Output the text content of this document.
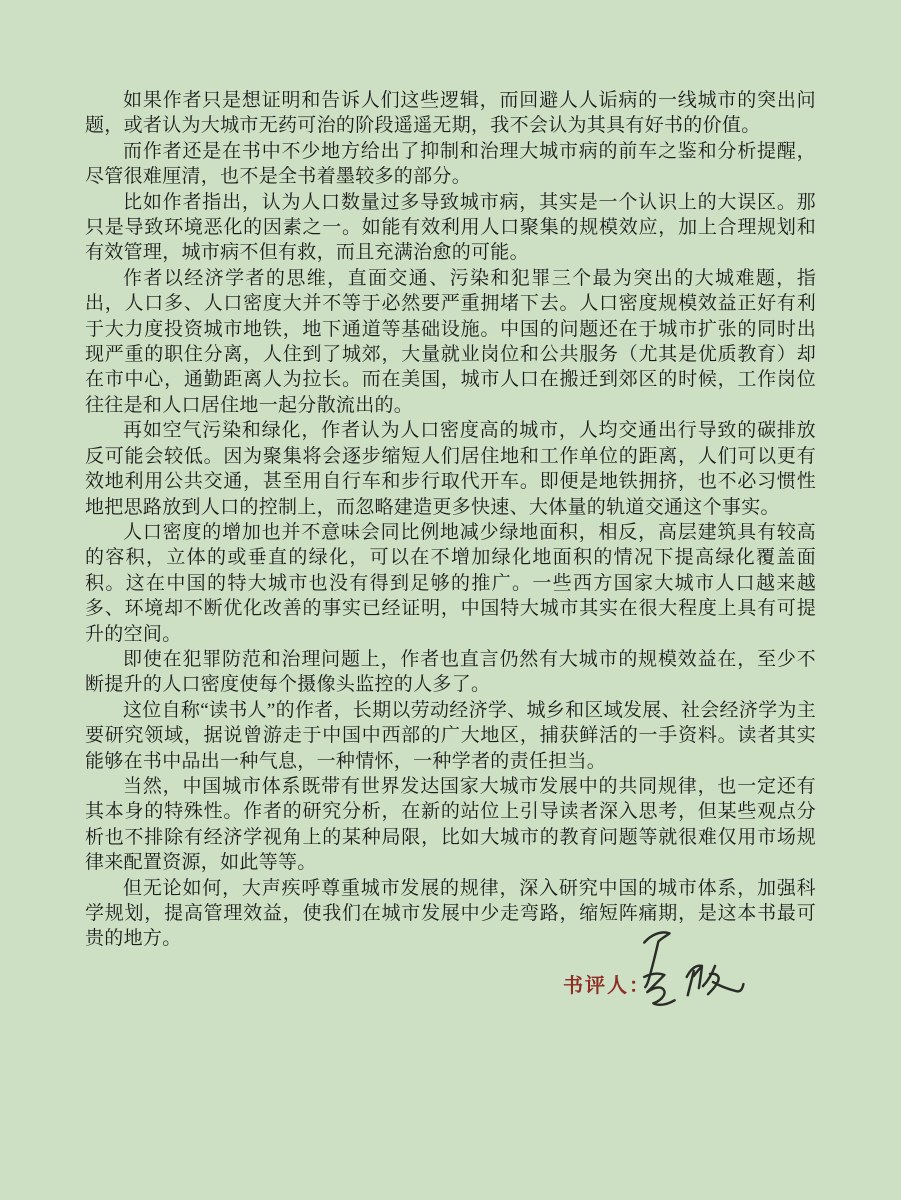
如果作者只是想证明和告诉人们这些逻辑，而回避人人诟病的一线城市的突出问题，或者认为大城市无药可治的阶段遥遥无期，我不会认为其具有好书的价值。

而作者还是在书中不少地方给出了抑制和治理大城市病的前车之鉴和分析提醒，尽管很难厘清，也不是全书着墨较多的部分。

比如作者指出，认为人口数量过多导致城市病，其实是一个认识上的大误区。那只是导致环境恶化的因素之一。如能有效利用人口聚集的规模效应，加上合理规划和有效管理，城市病不但有救，而且充满治愈的可能。

作者以经济学者的思维，直面交通、污染和犯罪三个最为突出的大城难题，指出，人口多、人口密度大并不等于必然要严重拥堵下去。人口密度规模效益正好有利于大力度投资城市地铁，地下通道等基础设施。中国的问题还在于城市扩张的同时出现严重的职住分离，人住到了城郊，大量就业岗位和公共服务（尤其是优质教育）却在市中心，通勤距离人为拉长。而在美国，城市人口在搬迁到郊区的时候，工作岗位往往是和人口居住地一起分散流出的。

再如空气污染和绿化，作者认为人口密度高的城市，人均交通出行导致的碳排放反可能会较低。因为聚集将会逐步缩短人们居住地和工作单位的距离，人们可以更有效地利用公共交通，甚至用自行车和步行取代开车。即便是地铁拥挤，也不必习惯性地把思路放到人口的控制上，而忽略建造更多快速、大体量的轨道交通这个事实。

人口密度的增加也并不意味会同比例地减少绿地面积，相反，高层建筑具有较高的容积，立体的或垂直的绿化，可以在不增加绿化地面积的情况下提高绿化覆盖面积。这在中国的特大城市也没有得到足够的推广。一些西方国家大城市人口越来越多、环境却不断优化改善的事实已经证明，中国特大城市其实在很大程度上具有可提升的空间。

即使在犯罪防范和治理问题上，作者也直言仍然有大城市的规模效益在，至少不断提升的人口密度使每个摄像头监控的人多了。

这位自称“读书人”的作者，长期以劳动经济学、城乡和区域发展、社会经济学为主要研究领域，据说曾游走于中国中西部的广大地区，捕获鲜活的一手资料。读者其实能够在书中品出一种气息，一种情怀，一种学者的责任担当。

当然，中国城市体系既带有世界发达国家大城市发展中的共同规律，也一定还有其本身的特殊性。作者的研究分析，在新的站位上引导读者深入思考，但某些观点分析也不排除有经济学视角上的某种局限，比如大城市的教育问题等就很难仅用市场规律来配置资源，如此等等。

但无论如何，大声疾呼尊重城市发展的规律，深入研究中国的城市体系，加强科学规划，提高管理效益，使我们在城市发展中少走弯路，缩短阵痛期，是这本书最可贵的地方。

书评人：
